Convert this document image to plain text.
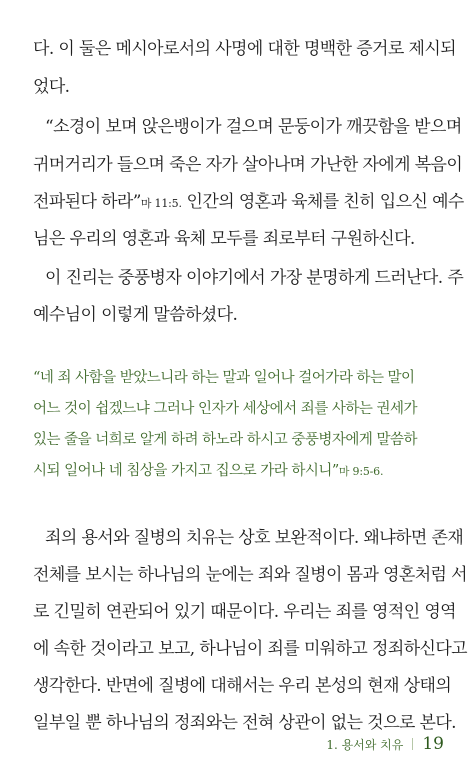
다. 이 둘은 메시아로서의 사명에 대한 명백한 증거로 제시되
었다.
“소경이 보며 앉은뱅이가 걸으며 문둥이가 깨끗함을 받으며
귀머거리가 들으며 죽은 자가 살아나며 가난한 자에게 복음이
전파된다 하라”마 11:5. 인간의 영혼과 육체를 친히 입으신 예수
님은 우리의 영혼과 육체 모두를 죄로부터 구원하신다.
이 진리는 중풍병자 이야기에서 가장 분명하게 드러난다. 주
예수님이 이렇게 말씀하셨다.
“네 죄 사함을 받았느니라 하는 말과 일어나 걸어가라 하는 말이
어느 것이 쉽겠느냐 그러나 인자가 세상에서 죄를 사하는 권세가
있는 줄을 너희로 알게 하려 하노라 하시고 중풍병자에게 말씀하
시되 일어나 네 침상을 가지고 집으로 가라 하시니”마 9:5-6.
죄의 용서와 질병의 치유는 상호 보완적이다. 왜냐하면 존재
전체를 보시는 하나님의 눈에는 죄와 질병이 몸과 영혼처럼 서
로 긴밀히 연관되어 있기 때문이다. 우리는 죄를 영적인 영역
에 속한 것이라고 보고, 하나님이 죄를 미워하고 정죄하신다고
생각한다. 반면에 질병에 대해서는 우리 본성의 현재 상태의
일부일 뿐 하나님의 정죄와는 전혀 상관이 없는 것으로 본다.
1. 용서와 치유 19
